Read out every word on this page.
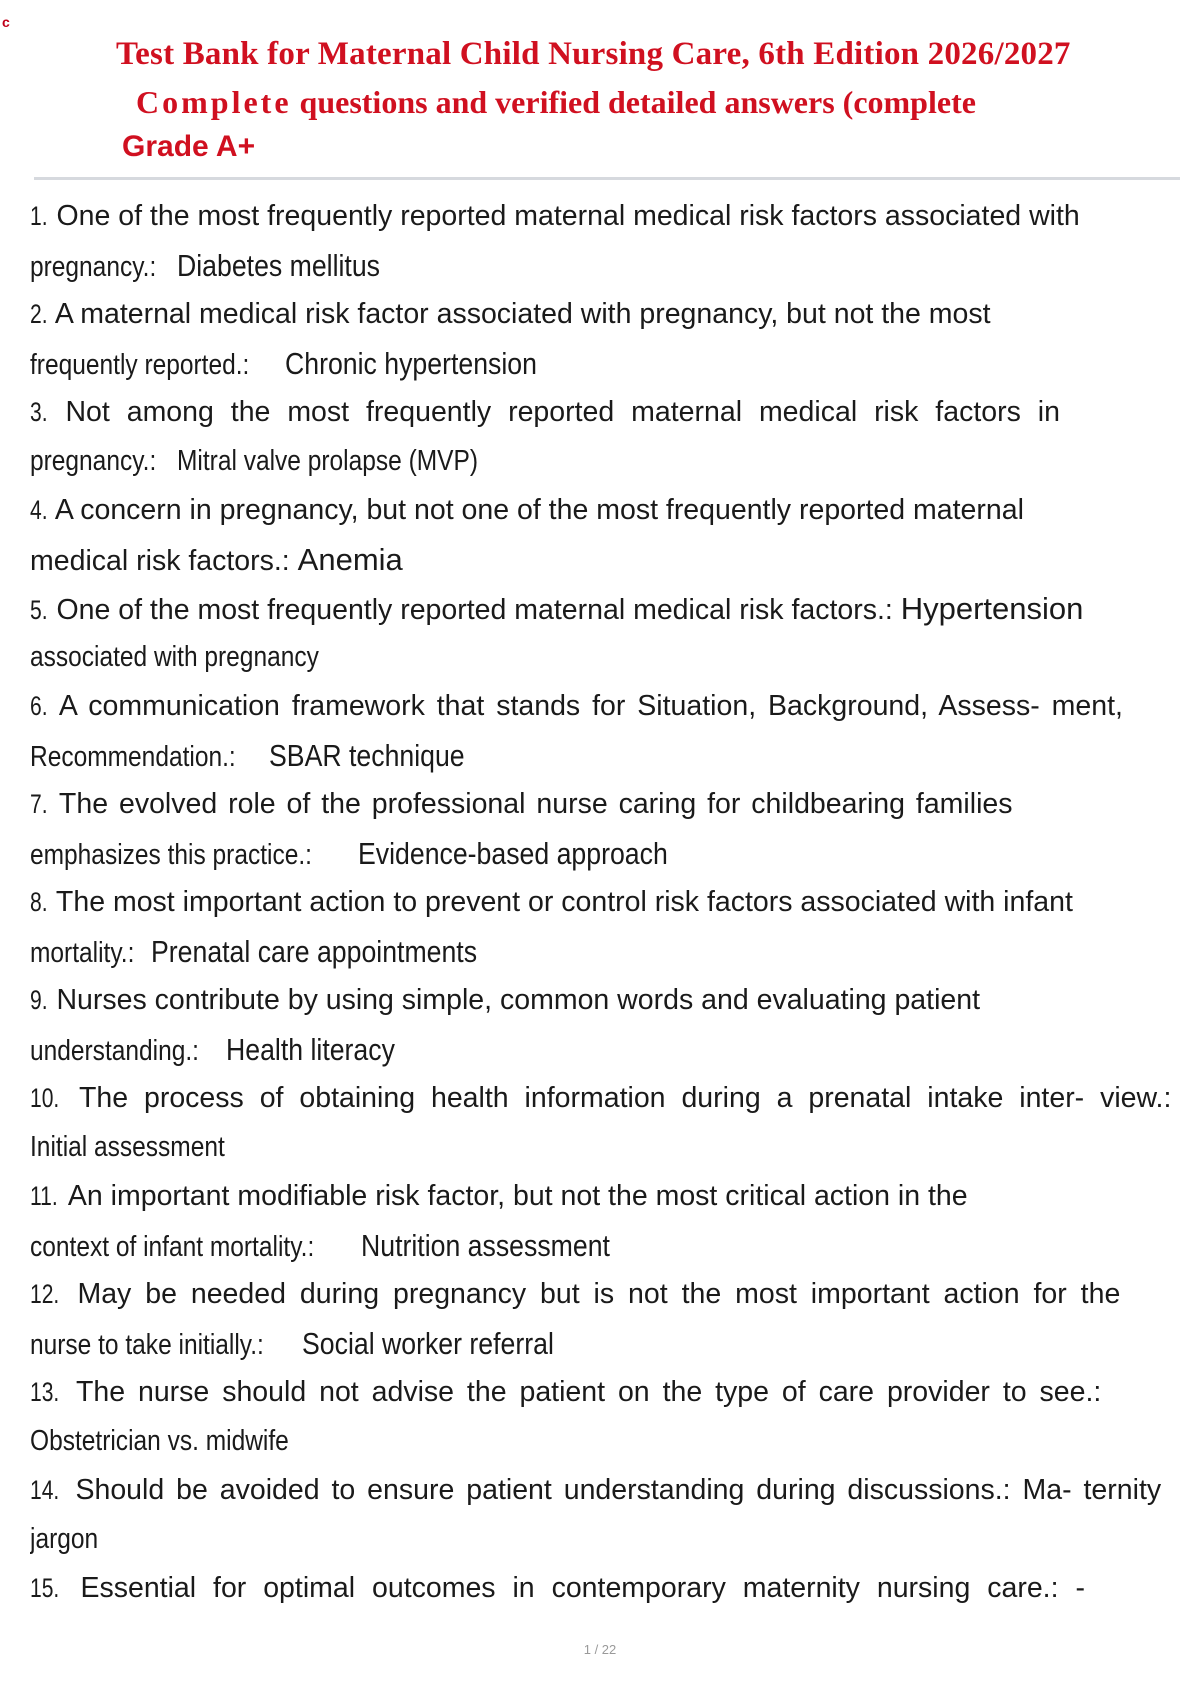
c
Test Bank for Maternal Child Nursing Care, 6th Edition 2026/2027
Complete questions and verified detailed answers (complete
Grade A+
1. One of the most frequently reported maternal medical risk factors associated with
pregnancy.:Diabetes mellitus
2. A maternal medical risk factor associated with pregnancy, but not the most
frequently reported.:Chronic hypertension
3. Not among the most frequently reported maternal medical risk factors in
pregnancy.:Mitral valve prolapse (MVP)
4. A concern in pregnancy, but not one of the most frequently reported maternal
medical risk factors.: Anemia
5. One of the most frequently reported maternal medical risk factors.: Hypertension
associated with pregnancy
6. A communication framework that stands for Situation, Background, Assess- ment,
Recommendation.:SBAR technique
7. The evolved role of the professional nurse caring for childbearing families
emphasizes this practice.:Evidence-based approach
8. The most important action to prevent or control risk factors associated with infant
mortality.:Prenatal care appointments
9. Nurses contribute by using simple, common words and evaluating patient
understanding.:Health literacy
10. The process of obtaining health information during a prenatal intake inter- view.:
Initial assessment
11. An important modifiable risk factor, but not the most critical action in the
context of infant mortality.:Nutrition assessment
12. May be needed during pregnancy but is not the most important action for the
nurse to take initially.:Social worker referral
13. The nurse should not advise the patient on the type of care provider to see.:
Obstetrician vs. midwife
14. Should be avoided to ensure patient understanding during discussions.: Ma- ternity
jargon
15. Essential for optimal outcomes in contemporary maternity nursing care.: -
1 / 22
